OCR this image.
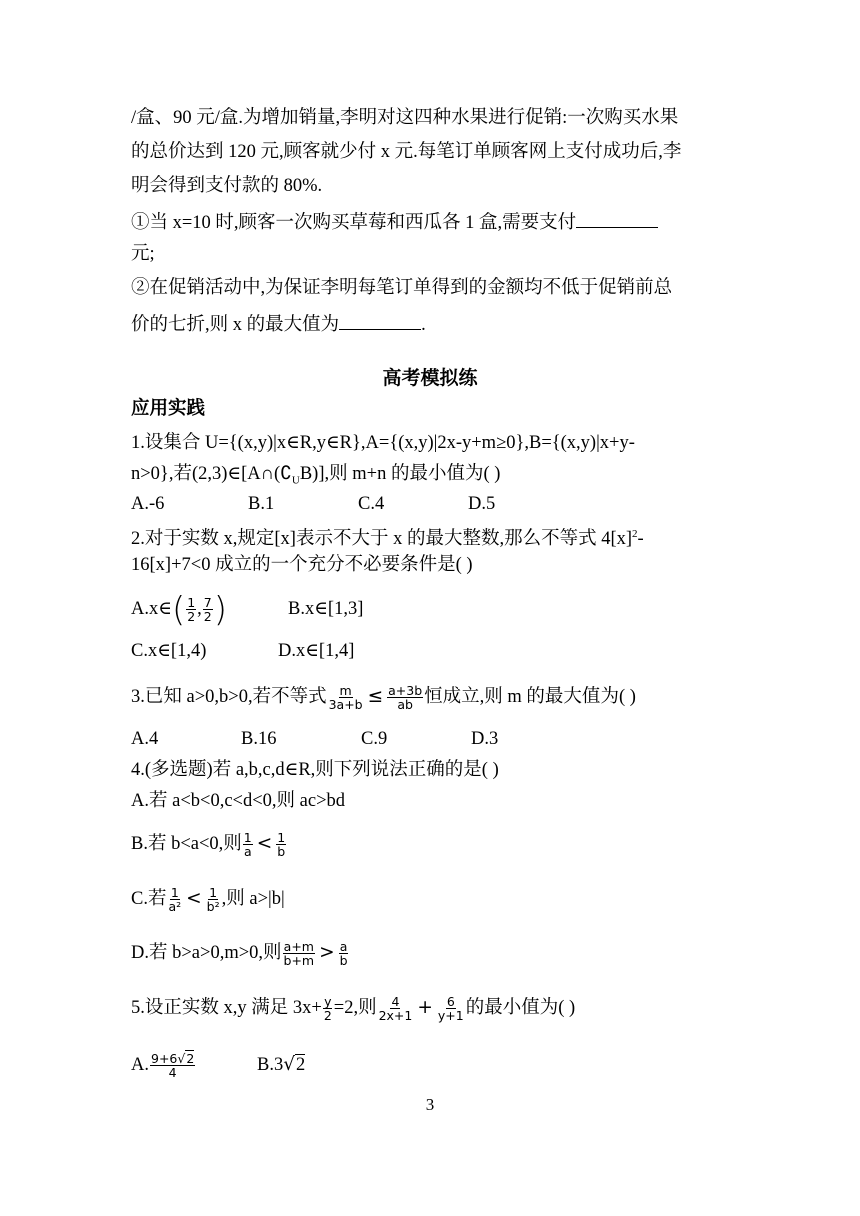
/盒、90 元/盒.为增加销量,李明对这四种水果进行促销:一次购买水果
的总价达到 120 元,顾客就少付 x 元.每笔订单顾客网上支付成功后,李
明会得到支付款的 80%.
①当 x=10 时,顾客一次购买草莓和西瓜各 1 盒,需要支付
元;
②在促销活动中,为保证李明每笔订单得到的金额均不低于促销前总
价的七折,则 x 的最大值为	.
高考模拟练
应用实践
1.设集合 U={(x,y)|x∈R,y∈R},A={(x,y)|2x-y+m≥0},B={(x,y)|x+y-
n>0},若$(2,3)\in[A\cap(∁_UB)]$,则 m+n 的最小值为( )
A.-6	B.1	C.4	D.5
2.对于实数 x,规定[x]表示不大于 x 的最大整数,那么不等式 $4[x]^2-$
16[x]+7<0 成立的一个充分不必要条件是( )
A.x∈( $\frac{1}{2}$ , $\frac{7}{2}$ )	B.x∈[1,3]
C.x∈[1,4)	D.x∈[1,4]
3.已知 a>0,b>0,若不等式 $\frac{m}{3a+b} \le \frac{a+3b}{ab}$ 恒成立,则 m 的最大值为( )
A.4	B.16	C.9	D.3
4.(多选题)若 a,b,c,d∈R,则下列说法正确的是( )
A.若 a<b<0,c<d<0,则 ac>bd
B.若 b<a<0,则 $\frac{1}{a} < \frac{1}{b}$
C.若 $\frac{1}{\text{a²}} < \frac{1}{\text{b²}}$ ,则 a>|b|
D.若 b>a>0,m>0,则 $\frac{a+m}{b+m} > \frac{a}{b}$
5.设正实数 x,y 满足 $3x+ \frac{y}{2} =2$,则 $\frac{4}{2x+1} + \frac{6}{y+1}$ 的最小值为( )
A. $\frac{9+6√2}{4}$	B.3√2
3
